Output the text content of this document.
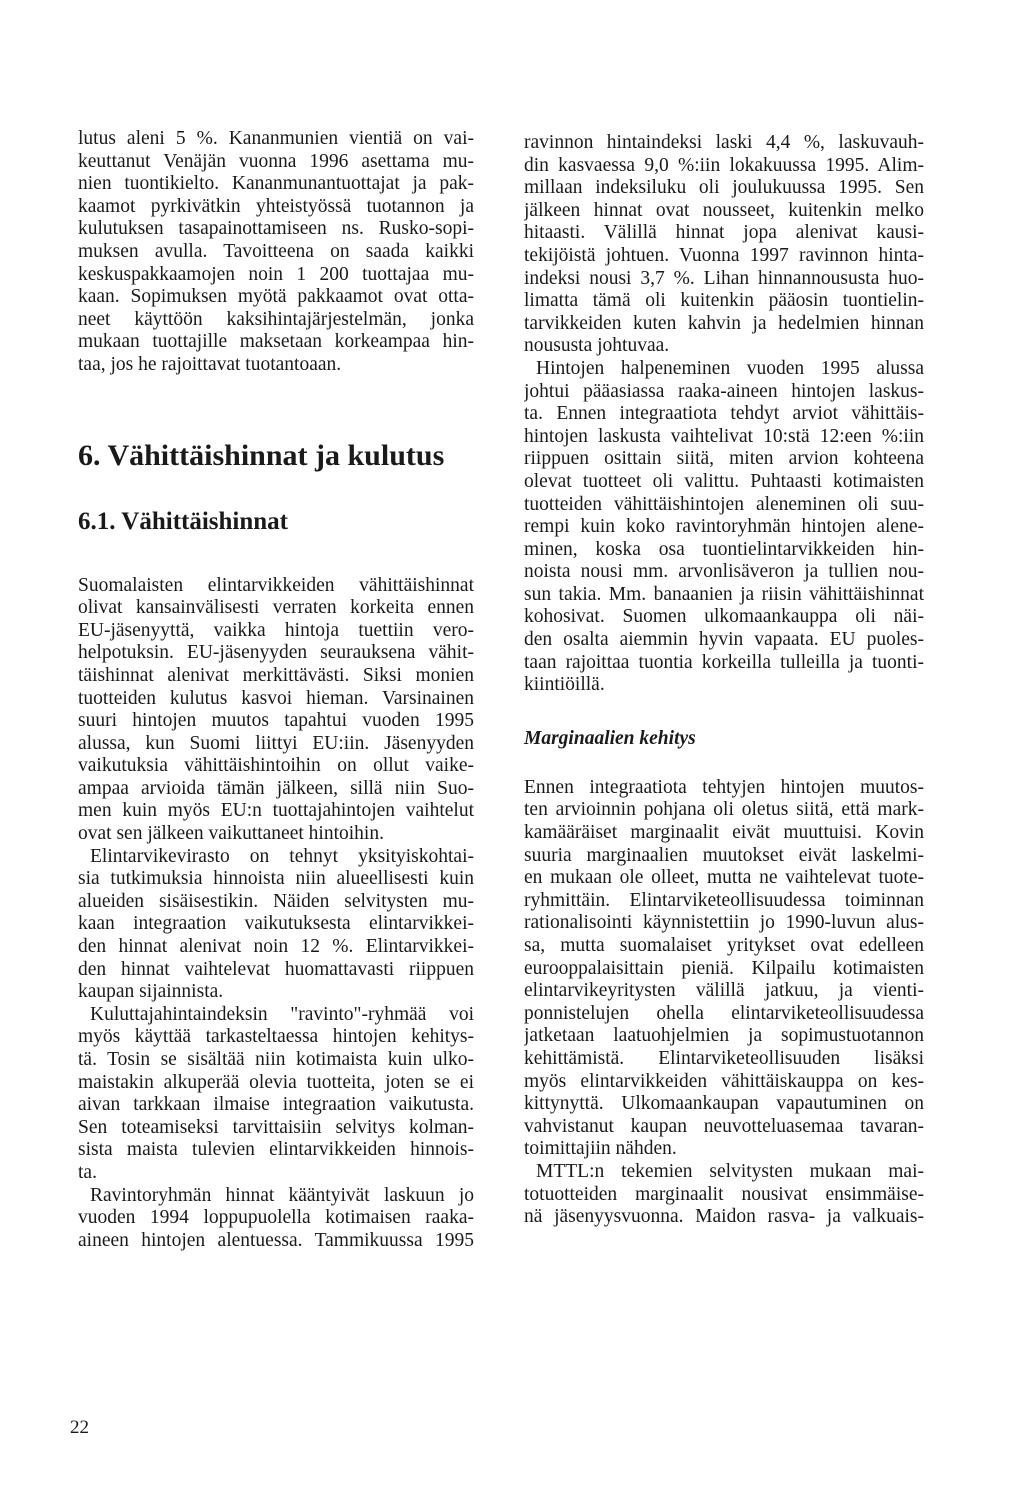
lutus aleni 5 %. Kananmunien vientiä on vai-
keuttanut Venäjän vuonna 1996 asettama mu-
nien tuontikielto. Kananmunantuottajat ja pak-
kaamot pyrkivätkin yhteistyössä tuotannon ja
kulutuksen tasapainottamiseen ns. Rusko-sopi-
muksen avulla. Tavoitteena on saada kaikki
keskuspakkaamojen noin 1 200 tuottajaa mu-
kaan. Sopimuksen myötä pakkaamot ovat otta-
neet käyttöön kaksihintajärjestelmän, jonka
mukaan tuottajille maksetaan korkeampaa hin-
taa, jos he rajoittavat tuotantoaan.
6. Vähittäishinnat ja kulutus
6.1. Vähittäishinnat
Suomalaisten elintarvikkeiden vähittäishinnat
olivat kansainvälisesti verraten korkeita ennen
EU-jäsenyyttä, vaikka hintoja tuettiin vero-
helpotuksin. EU-jäsenyyden seurauksena vähit-
täishinnat alenivat merkittävästi. Siksi monien
tuotteiden kulutus kasvoi hieman. Varsinainen
suuri hintojen muutos tapahtui vuoden 1995
alussa, kun Suomi liittyi EU:iin. Jäsenyyden
vaikutuksia vähittäishintoihin on ollut vaike-
ampaa arvioida tämän jälkeen, sillä niin Suo-
men kuin myös EU:n tuottajahintojen vaihtelut
ovat sen jälkeen vaikuttaneet hintoihin.
Elintarvikevirasto on tehnyt yksityiskohtai-
sia tutkimuksia hinnoista niin alueellisesti kuin
alueiden sisäisestikin. Näiden selvitysten mu-
kaan integraation vaikutuksesta elintarvikkei-
den hinnat alenivat noin 12 %. Elintarvikkei-
den hinnat vaihtelevat huomattavasti riippuen
kaupan sijainnista.
Kuluttajahintaindeksin "ravinto"-ryhmää voi
myös käyttää tarkasteltaessa hintojen kehitys-
tä. Tosin se sisältää niin kotimaista kuin ulko-
maistakin alkuperää olevia tuotteita, joten se ei
aivan tarkkaan ilmaise integraation vaikutusta.
Sen toteamiseksi tarvittaisiin selvitys kolman-
sista maista tulevien elintarvikkeiden hinnois-
ta.
Ravintoryhmän hinnat kääntyivät laskuun jo
vuoden 1994 loppupuolella kotimaisen raaka-
aineen hintojen alentuessa. Tammikuussa 1995
ravinnon hintaindeksi laski 4,4 %, laskuvauh-
din kasvaessa 9,0 %:iin lokakuussa 1995. Alim-
millaan indeksiluku oli joulukuussa 1995. Sen
jälkeen hinnat ovat nousseet, kuitenkin melko
hitaasti. Välillä hinnat jopa alenivat kausi-
tekijöistä johtuen. Vuonna 1997 ravinnon hinta-
indeksi nousi 3,7 %. Lihan hinnannoususta huo-
limatta tämä oli kuitenkin pääosin tuontielin-
tarvikkeiden kuten kahvin ja hedelmien hinnan
noususta johtuvaa.
Hintojen halpeneminen vuoden 1995 alussa
johtui pääasiassa raaka-aineen hintojen laskus-
ta. Ennen integraatiota tehdyt arviot vähittäis-
hintojen laskusta vaihtelivat 10:stä 12:een %:iin
riippuen osittain siitä, miten arvion kohteena
olevat tuotteet oli valittu. Puhtaasti kotimaisten
tuotteiden vähittäishintojen aleneminen oli suu-
rempi kuin koko ravintoryhmän hintojen alene-
minen, koska osa tuontielintarvikkeiden hin-
noista nousi mm. arvonlisäveron ja tullien nou-
sun takia. Mm. banaanien ja riisin vähittäishinnat
kohosivat. Suomen ulkomaankauppa oli näi-
den osalta aiemmin hyvin vapaata. EU puoles-
taan rajoittaa tuontia korkeilla tulleilla ja tuonti-
kiintiöillä.
Marginaalien kehitys
Ennen integraatiota tehtyjen hintojen muutos-
ten arvioinnin pohjana oli oletus siitä, että mark-
kamääräiset marginaalit eivät muuttuisi. Kovin
suuria marginaalien muutokset eivät laskelmi-
en mukaan ole olleet, mutta ne vaihtelevat tuote-
ryhmittäin. Elintarviketeollisuudessa toiminnan
rationalisointi käynnistettiin jo 1990-luvun alus-
sa, mutta suomalaiset yritykset ovat edelleen
eurooppalaisittain pieniä. Kilpailu kotimaisten
elintarvikeyritysten välillä jatkuu, ja vienti-
ponnistelujen ohella elintarviketeollisuudessa
jatketaan laatuohjelmien ja sopimustuotannon
kehittämistä. Elintarviketeollisuuden lisäksi
myös elintarvikkeiden vähittäiskauppa on kes-
kittynyttä. Ulkomaankaupan vapautuminen on
vahvistanut kaupan neuvotteluasemaa tavaran-
toimittajiin nähden.
MTTL:n tekemien selvitysten mukaan mai-
totuotteiden marginaalit nousivat ensimmäise-
nä jäsenyysvuonna. Maidon rasva- ja valkuais-
22
